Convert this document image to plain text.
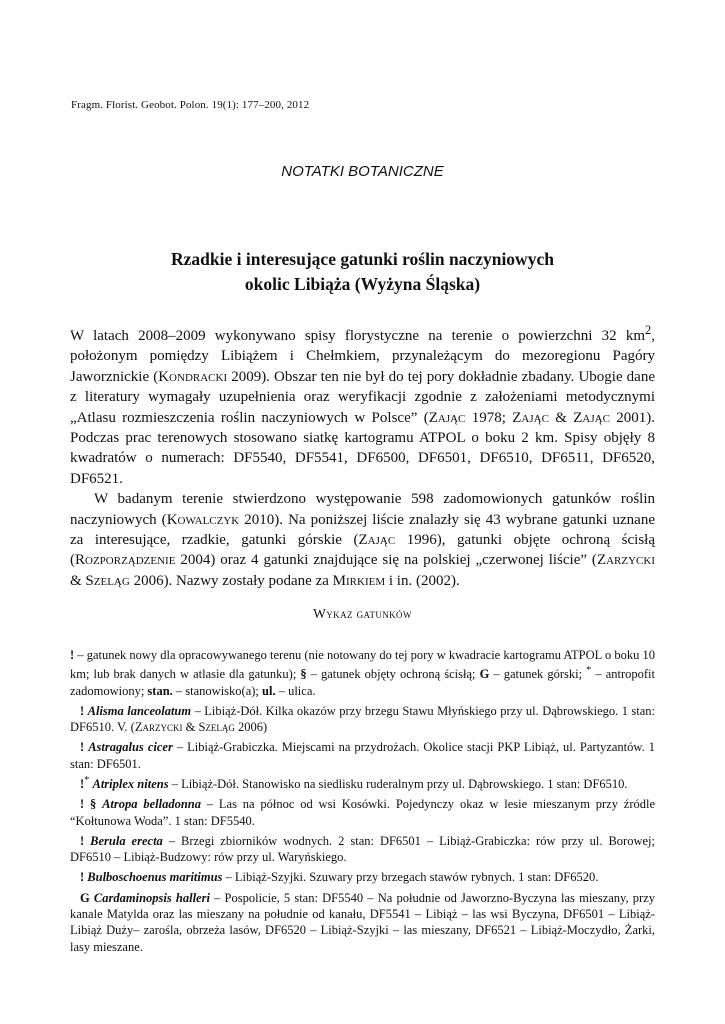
Fragm. Florist. Geobot. Polon. 19(1): 177–200, 2012
NOTATKI BOTANICZNE
Rzadkie i interesujące gatunki roślin naczyniowych
okolic Libiąża (Wyżyna Śląska)

W latach 2008–2009 wykonywano spisy florystyczne na terenie o powierzchni 32 $km^2$, położonym pomiędzy Libiążem i Chełmkiem, przynależącym do mezoregionu Pagóry Jaworznickie (Kondracki 2009). Obszar ten nie był do tej pory dokładnie zbadany. Ubogie dane z literatury wymagały uzupełnienia oraz weryfikacji zgodnie z założeniami metodycznymi „Atlasu rozmieszczenia roślin naczyniowych w Polsce” (Zając 1978; Zając & Zając 2001). Podczas prac terenowych stosowano siatkę kartogramu ATPOL o boku 2 km. Spisy objęły 8 kwadratów o numerach: DF5540, DF5541, DF6500, DF6501, DF6510, DF6511, DF6520, DF6521.

W badanym terenie stwierdzono występowanie 598 zadomowionych gatunków roślin naczyniowych (Kowalczyk 2010). Na poniższej liście znalazły się 43 wybrane gatunki uznane za interesujące, rzadkie, gatunki górskie (Zając 1996), gatunki objęte ochroną ścisłą (Rozporządzenie 2004) oraz 4 gatunki znajdujące się na polskiej „czerwonej liście” (Zarzycki & Szeląg 2006). Nazwy zostały podane za Mirkiem i in. (2002).

Wykaz gatunków

! – gatunek nowy dla opracowywanego terenu (nie notowany do tej pory w kwadracie kartogramu ATPOL o boku 10 km; lub brak danych w atlasie dla gatunku); § – gatunek objęty ochroną ścisłą; G – gatunek górski; * – antropofit zadomowiony; stan. – stanowisko(a); ul. – ulica.

! Alisma lanceolatum – Libiąż-Dół. Kilka okazów przy brzegu Stawu Młyńskiego przy ul. Dąbrowskiego. 1 stan: DF6510. V. (Zarzycki & Szeląg 2006)

! Astragalus cicer – Libiąż-Grabiczka. Miejscami na przydrożach. Okolice stacji PKP Libiąż, ul. Partyzantów. 1 stan: DF6501.

!* Atriplex nitens – Libiąż-Dół. Stanowisko na siedlisku ruderalnym przy ul. Dąbrowskiego. 1 stan: DF6510.

! § Atropa belladonna – Las na północ od wsi Kosówki. Pojedynczy okaz w lesie mieszanym przy źródle “Kołtunowa Woda”. 1 stan: DF5540.

! Berula erecta – Brzegi zbiorników wodnych. 2 stan: DF6501 – Libiąż-Grabiczka: rów przy ul. Borowej; DF6510 – Libiąż-Budzowy: rów przy ul. Waryńskiego.

! Bulboschoenus maritimus – Libiąż-Szyjki. Szuwary przy brzegach stawów rybnych. 1 stan: DF6520.

G Cardaminopsis halleri – Pospolicie, 5 stan: DF5540 – Na południe od Jaworzno-Byczyna las mieszany, przy kanale Matylda oraz las mieszany na południe od kanału, DF5541 – Libiąż – las wsi Byczyna, DF6501 – Libiąż-Libiąż Duży– zarośla, obrzeża lasów, DF6520 – Libiąż-Szyjki – las mieszany, DF6521 – Libiąż-Moczydło, Żarki, lasy mieszane.
